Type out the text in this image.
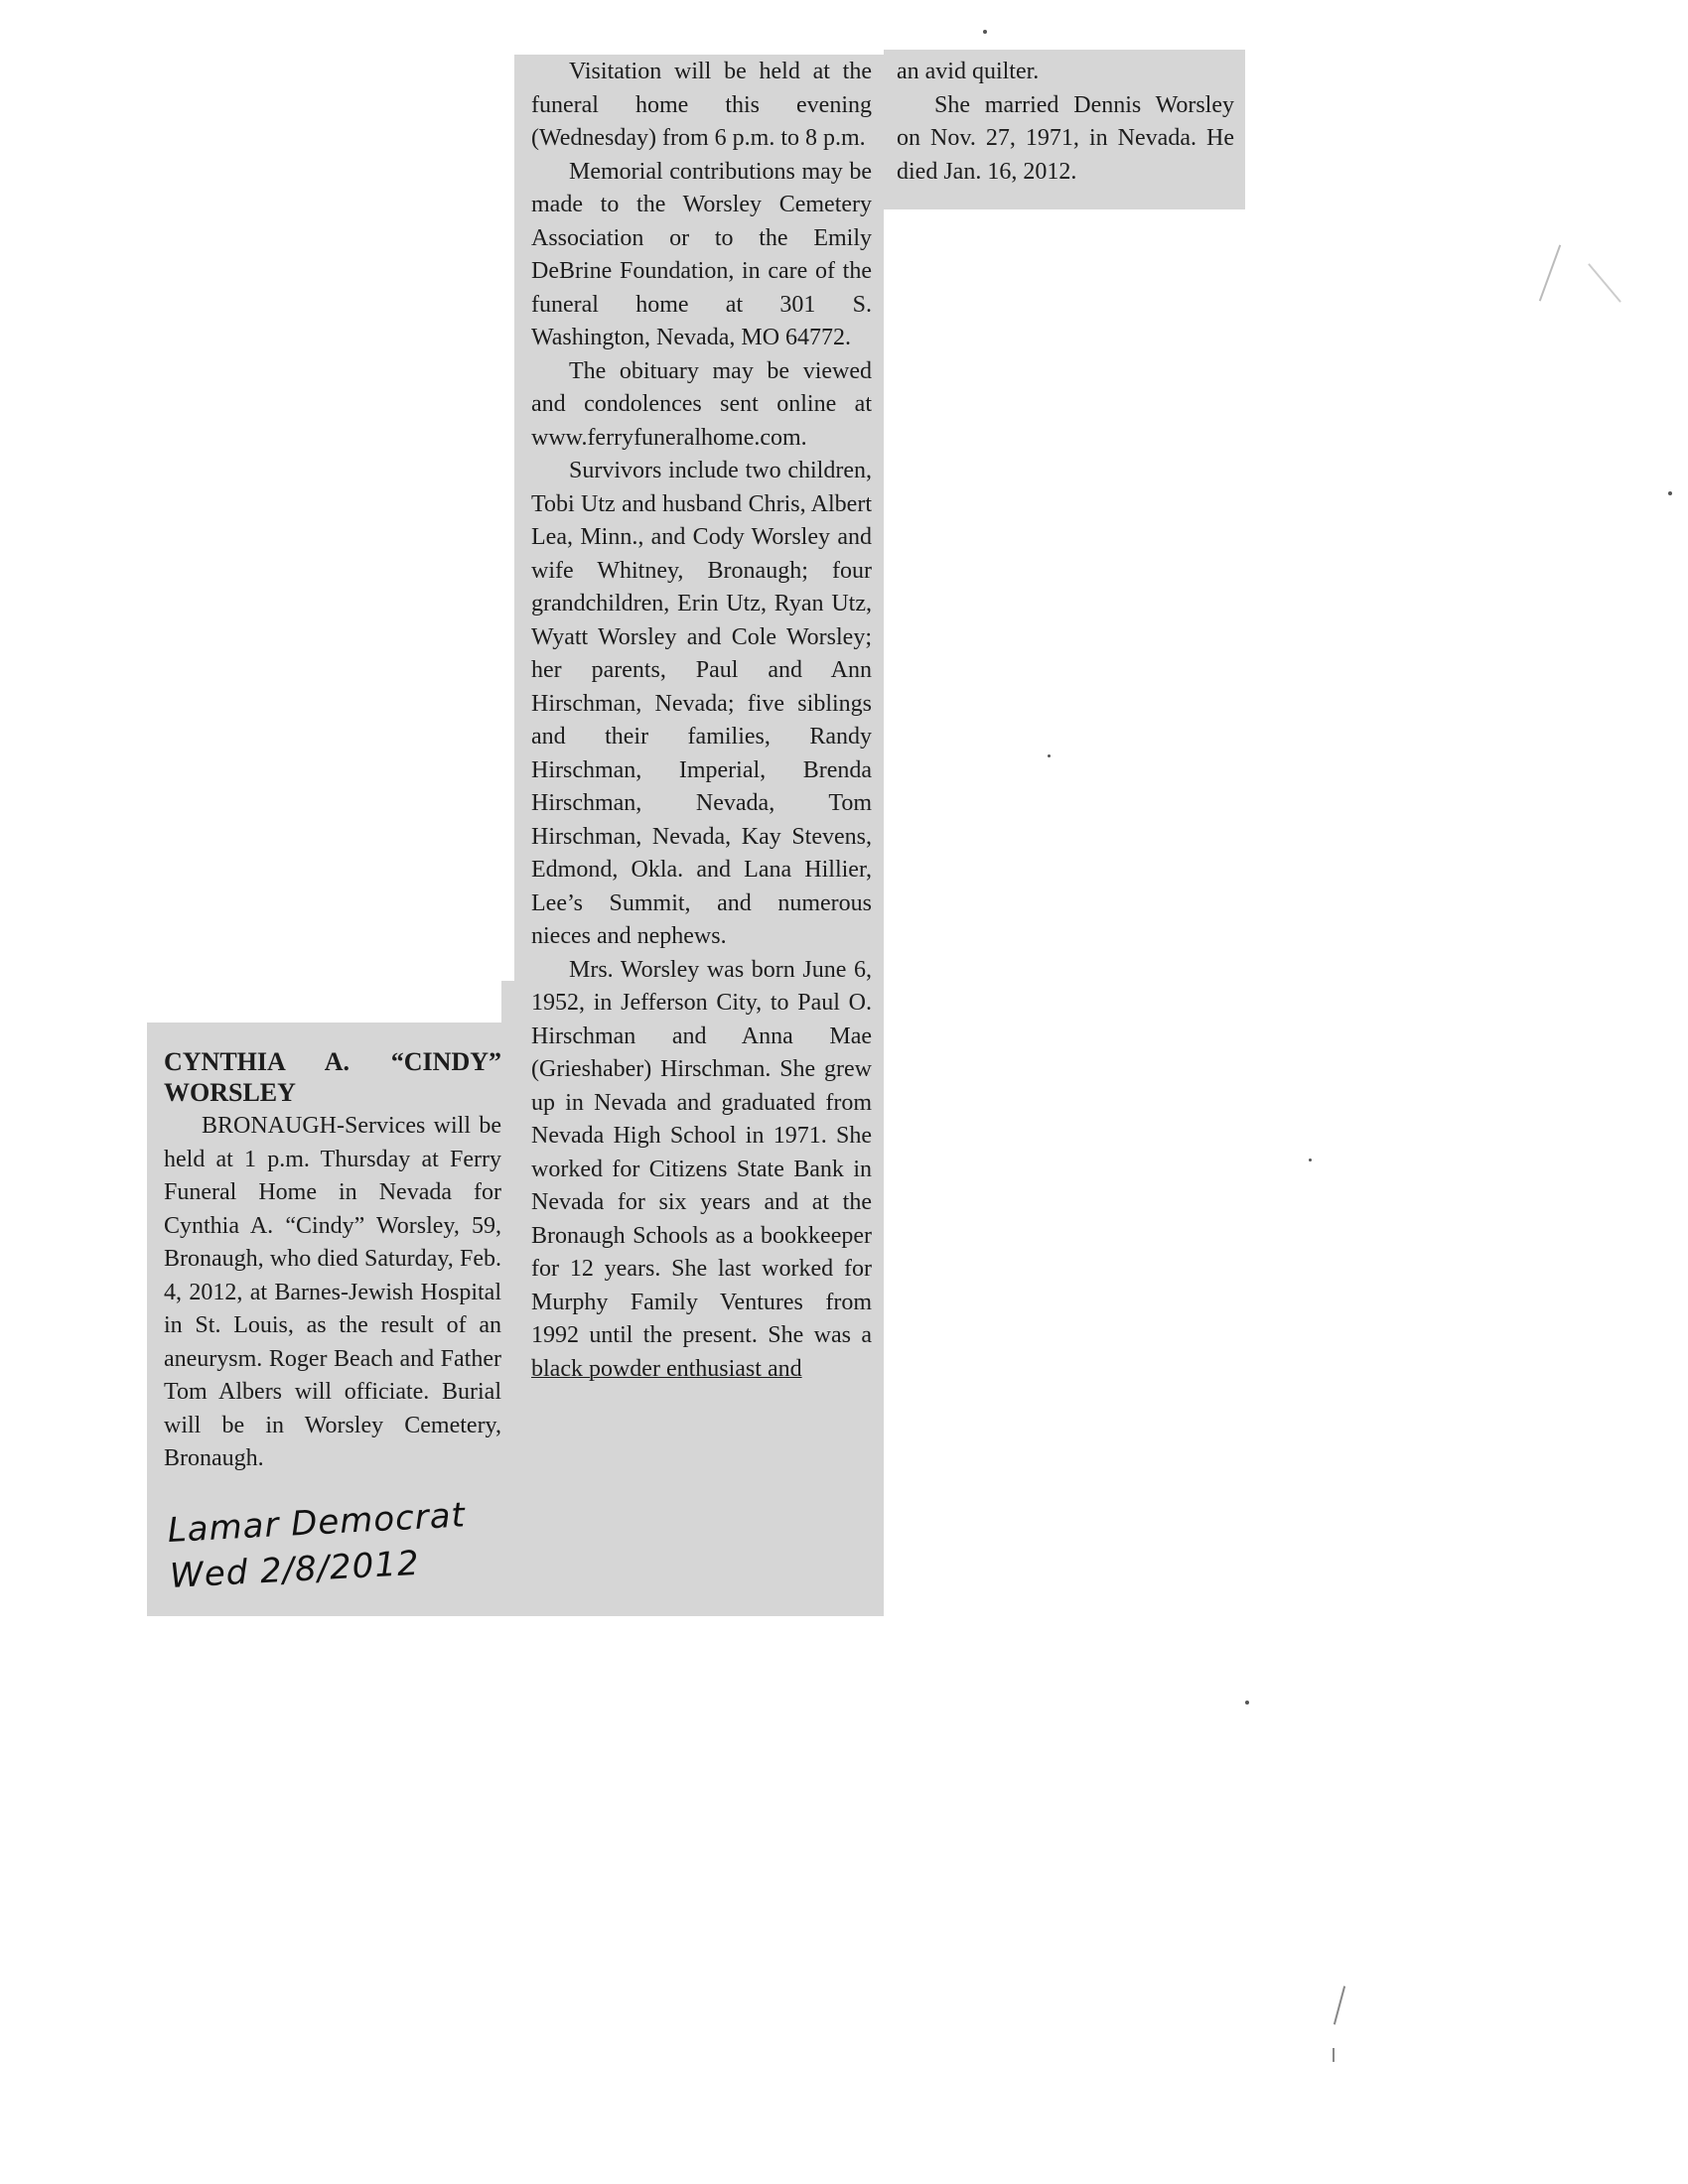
CYNTHIA A. “CINDY”
WORSLEY

BRONAUGH-Services will be held at 1 p.m. Thursday at Ferry Funeral Home in Nevada for Cynthia A. “Cindy” Worsley, 59, Bronaugh, who died Saturday, Feb. 4, 2012, at Barnes-Jewish Hospital in St. Louis, as the result of an aneurysm. Roger Beach and Father Tom Albers will officiate. Burial will be in Worsley Cemetery, Bronaugh.

Lamar Democrat
Wed 2/8/2012

Visitation will be held at the funeral home this evening (Wednesday) from 6 p.m. to 8 p.m.

Memorial contributions may be made to the Worsley Cemetery Association or to the Emily DeBrine Foundation, in care of the funeral home at 301 S. Washington, Nevada, MO 64772.

The obituary may be viewed and condolences sent online at www.ferryfuneralhome.com.

Survivors include two children, Tobi Utz and husband Chris, Albert Lea, Minn., and Cody Worsley and wife Whitney, Bronaugh; four grandchildren, Erin Utz, Ryan Utz, Wyatt Worsley and Cole Worsley; her parents, Paul and Ann Hirschman, Nevada; five siblings and their families, Randy Hirschman, Imperial, Brenda Hirschman, Nevada, Tom Hirschman, Nevada, Kay Stevens, Edmond, Okla. and Lana Hillier, Lee’s Summit, and numerous nieces and nephews.

Mrs. Worsley was born June 6, 1952, in Jefferson City, to Paul O. Hirschman and Anna Mae (Grieshaber) Hirschman. She grew up in Nevada and graduated from Nevada High School in 1971. She worked for Citizens State Bank in Nevada for six years and at the Bronaugh Schools as a bookkeeper for 12 years. She last worked for Murphy Family Ventures from 1992 until the present. She was a black powder enthusiast and

an avid quilter.

She married Dennis Worsley on Nov. 27, 1971, in Nevada. He died Jan. 16, 2012.
